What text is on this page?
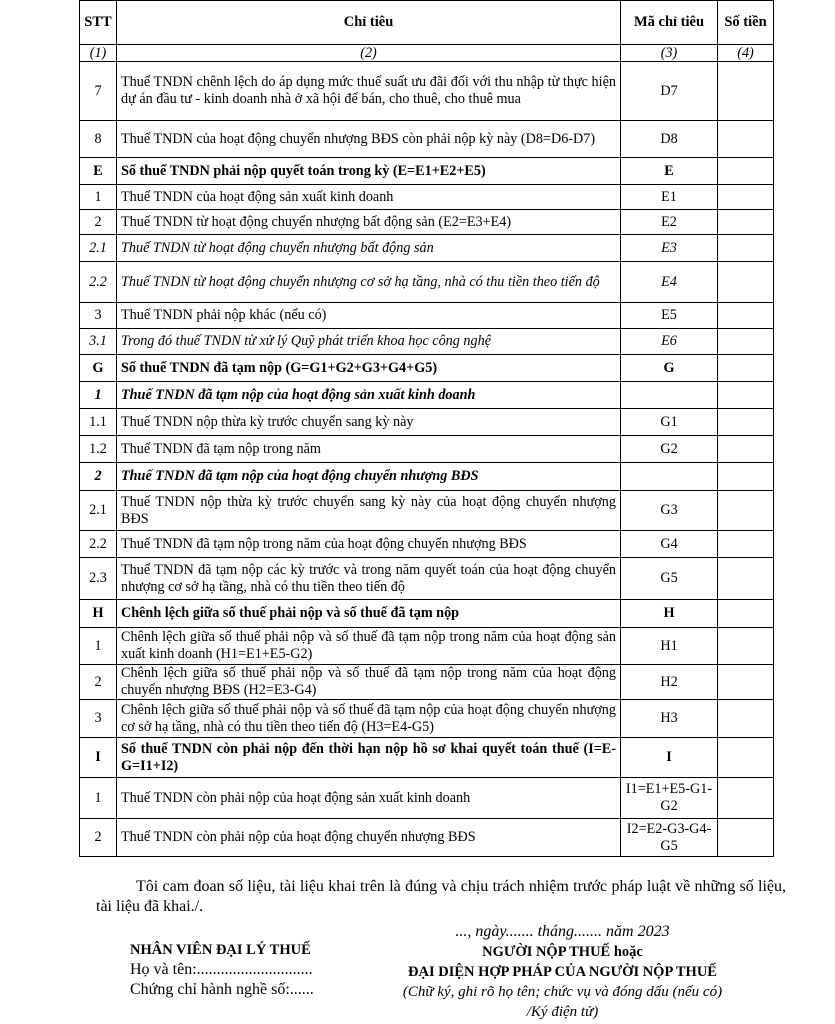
STT	Chỉ tiêu	Mã chỉ tiêu	Số tiền
(1)	(2)	(3)	(4)
7	Thuế TNDN chênh lệch do áp dụng mức thuế suất ưu đãi đối với thu nhập từ thực hiện dự án đầu tư - kinh doanh nhà ở xã hội để bán, cho thuê, cho thuê mua	D7	
8	Thuế TNDN của hoạt động chuyển nhượng BĐS còn phải nộp kỳ này (D8=D6-D7)	D8	
E	Số thuế TNDN phải nộp quyết toán trong kỳ (E=E1+E2+E5)	E	
1	Thuế TNDN của hoạt động sản xuất kinh doanh	E1	
2	Thuế TNDN từ hoạt động chuyển nhượng bất động sản (E2=E3+E4)	E2	
2.1	Thuế TNDN từ hoạt động chuyển nhượng bất động sản	E3	
2.2	Thuế TNDN từ hoạt động chuyển nhượng cơ sở hạ tầng, nhà có thu tiền theo tiến độ	E4	
3	Thuế TNDN phải nộp khác (nếu có)	E5	
3.1	Trong đó thuế TNDN từ xử lý Quỹ phát triển khoa học công nghệ	E6	
G	Số thuế TNDN đã tạm nộp (G=G1+G2+G3+G4+G5)	G	
1	Thuế TNDN đã tạm nộp của hoạt động sản xuất kinh doanh		
1.1	Thuế TNDN nộp thừa kỳ trước chuyển sang kỳ này	G1	
1.2	Thuế TNDN đã tạm nộp trong năm	G2	
2	Thuế TNDN đã tạm nộp của hoạt động chuyển nhượng BĐS		
2.1	Thuế TNDN nộp thừa kỳ trước chuyển sang kỳ này của hoạt động chuyển nhượng BĐS	G3	
2.2	Thuế TNDN đã tạm nộp trong năm của hoạt động chuyển nhượng BĐS	G4	
2.3	Thuế TNDN đã tạm nộp các kỳ trước và trong năm quyết toán của hoạt động chuyển nhượng cơ sở hạ tầng, nhà có thu tiền theo tiến độ	G5	
H	Chênh lệch giữa số thuế phải nộp và số thuế đã tạm nộp	H	
1	Chênh lệch giữa số thuế phải nộp và số thuế đã tạm nộp trong năm của hoạt động sản xuất kinh doanh (H1=E1+E5-G2)	H1	
2	Chênh lệch giữa số thuế phải nộp và số thuế đã tạm nộp trong năm của hoạt động chuyển nhượng BĐS (H2=E3-G4)	H2	
3	Chênh lệch giữa số thuế phải nộp và số thuế đã tạm nộp của hoạt động chuyển nhượng cơ sở hạ tầng, nhà có thu tiền theo tiến độ (H3=E4-G5)	H3	
I	Số thuế TNDN còn phải nộp đến thời hạn nộp hồ sơ khai quyết toán thuế (I=E-G=I1+I2)	I	
1	Thuế TNDN còn phải nộp của hoạt động sản xuất kinh doanh	I1=E1+E5-G1-G2	
2	Thuế TNDN còn phải nộp của hoạt động chuyển nhượng BĐS	I2=E2-G3-G4-G5	

Tôi cam đoan số liệu, tài liệu khai trên là đúng và chịu trách nhiệm trước pháp luật về những số liệu, tài liệu đã khai./.

NHÂN VIÊN ĐẠI LÝ THUẾ
Họ và tên:.............................
Chứng chỉ hành nghề số:......
..., ngày....... tháng....... năm 2023
NGƯỜI NỘP THUẾ hoặc
ĐẠI DIỆN HỢP PHÁP CỦA NGƯỜI NỘP THUẾ
(Chữ ký, ghi rõ họ tên; chức vụ và đóng dấu (nếu có)
/Ký điện tử)
